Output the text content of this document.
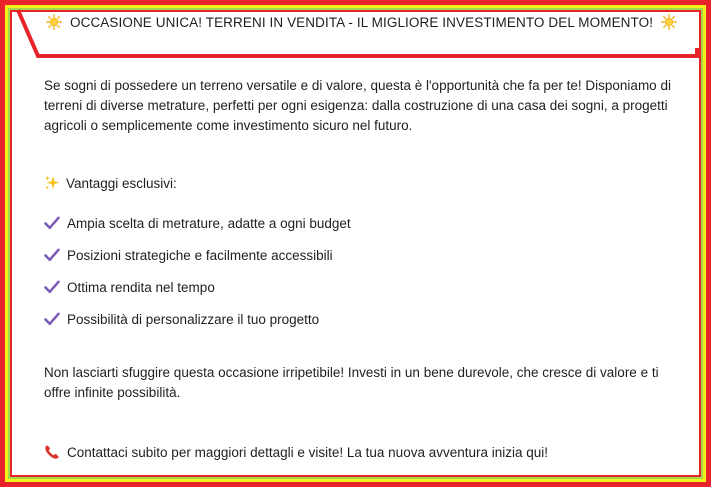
OCCASIONE UNICA! TERRENI IN VENDITA - IL MIGLIORE INVESTIMENTO DEL MOMENTO!

Se sogni di possedere un terreno versatile e di valore, questa è l'opportunità che fa per te! Disponiamo di terreni di diverse metrature, perfetti per ogni esigenza: dalla costruzione di una casa dei sogni, a progetti agricoli o semplicemente come investimento sicuro nel futuro.

Vantaggi esclusivi:
Ampia scelta di metrature, adatte a ogni budget
Posizioni strategiche e facilmente accessibili
Ottima rendita nel tempo
Possibilità di personalizzare il tuo progetto

Non lasciarti sfuggire questa occasione irripetibile! Investi in un bene durevole, che cresce di valore e ti offre infinite possibilità.

Contattaci subito per maggiori dettagli e visite! La tua nuova avventura inizia qui!
